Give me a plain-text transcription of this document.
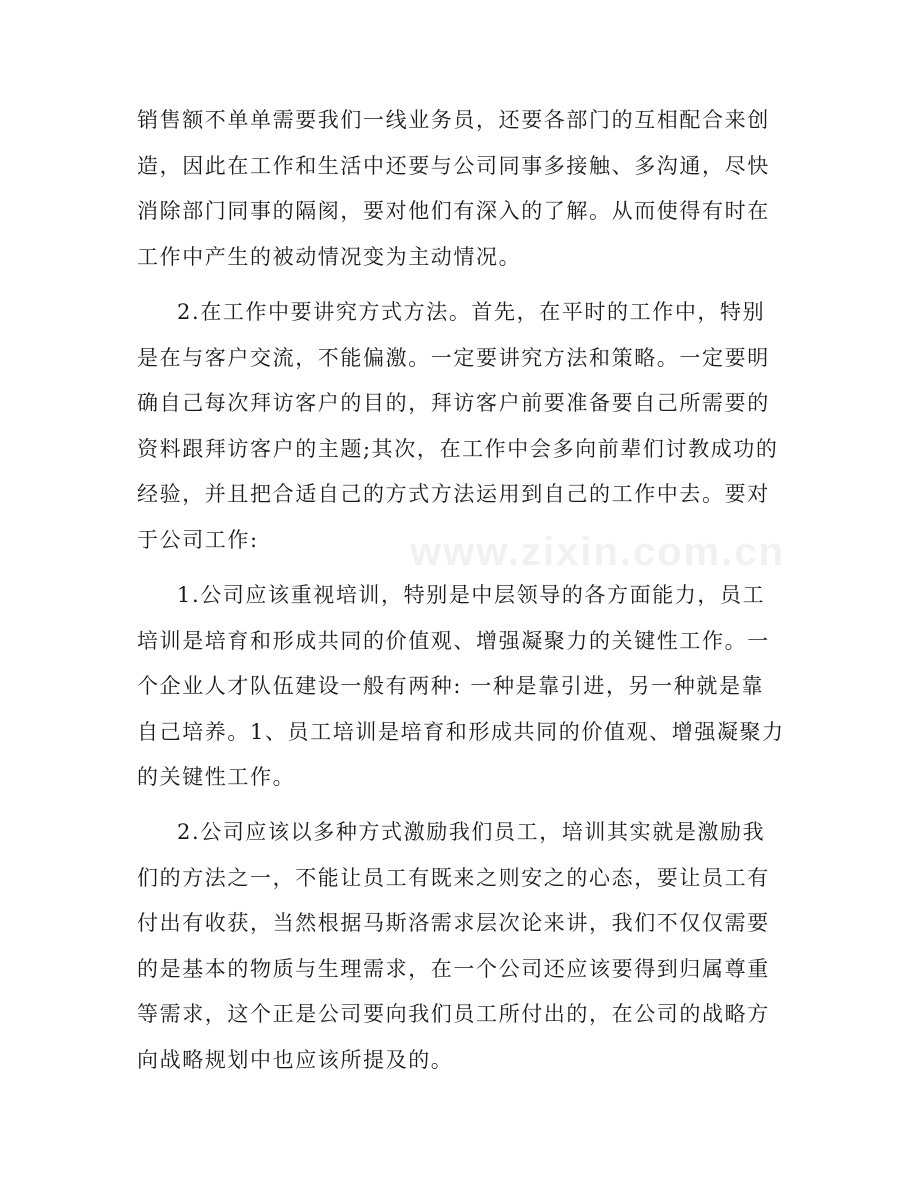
www.zixin.com.cn
销售额不单单需要我们一线业务员，还要各部门的互相配合来创
造，因此在工作和生活中还要与公司同事多接触、多沟通，尽快
消除部门同事的隔阂，要对他们有深入的了解。从而使得有时在
工作中产生的被动情况变为主动情况。
2.在工作中要讲究方式方法。首先，在平时的工作中，特别
是在与客户交流，不能偏激。一定要讲究方法和策略。一定要明
确自己每次拜访客户的目的，拜访客户前要准备要自己所需要的
资料跟拜访客户的主题;其次，在工作中会多向前辈们讨教成功的
经验，并且把合适自己的方式方法运用到自己的工作中去。要对
于公司工作:
1.公司应该重视培训，特别是中层领导的各方面能力，员工
培训是培育和形成共同的价值观、增强凝聚力的关键性工作。一
个企业人才队伍建设一般有两种: 一种是靠引进，另一种就是靠
自己培养。1、员工培训是培育和形成共同的价值观、增强凝聚力
的关键性工作。
2.公司应该以多种方式激励我们员工，培训其实就是激励我
们的方法之一，不能让员工有既来之则安之的心态，要让员工有
付出有收获，当然根据马斯洛需求层次论来讲，我们不仅仅需要
的是基本的物质与生理需求，在一个公司还应该要得到归属尊重
等需求，这个正是公司要向我们员工所付出的，在公司的战略方
向战略规划中也应该所提及的。
